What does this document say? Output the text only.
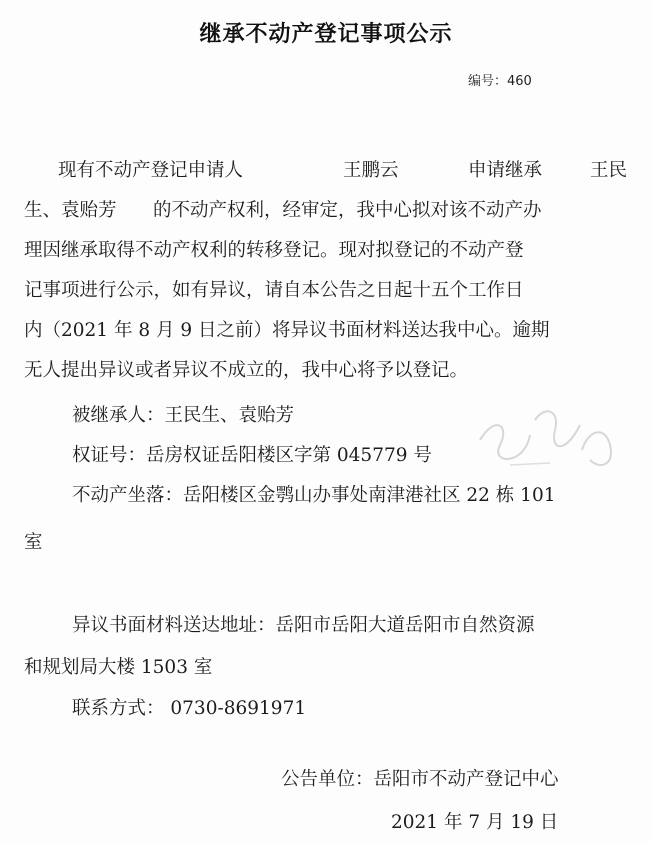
继承不动产登记事项公示
编号：460
现有不动产登记申请人	王鹏云	申请继承	王民
生、袁贻芳 的不动产权利，经审定，我中心拟对该不动产办
理因继承取得不动产权利的转移登记。现对拟登记的不动产登
记事项进行公示，如有异议，请自本公告之日起十五个工作日
内（2021 年 8 月 9 日之前）将异议书面材料送达我中心。逾期
无人提出异议或者异议不成立的，我中心将予以登记。
被继承人：王民生、袁贻芳
权证号：岳房权证岳阳楼区字第 045779 号
不动产坐落：岳阳楼区金鹗山办事处南津港社区 22 栋 101
室
异议书面材料送达地址：岳阳市岳阳大道岳阳市自然资源
和规划局大楼 1503 室
联系方式： 0730-8691971
公告单位：岳阳市不动产登记中心
2021 年 7 月 19 日
